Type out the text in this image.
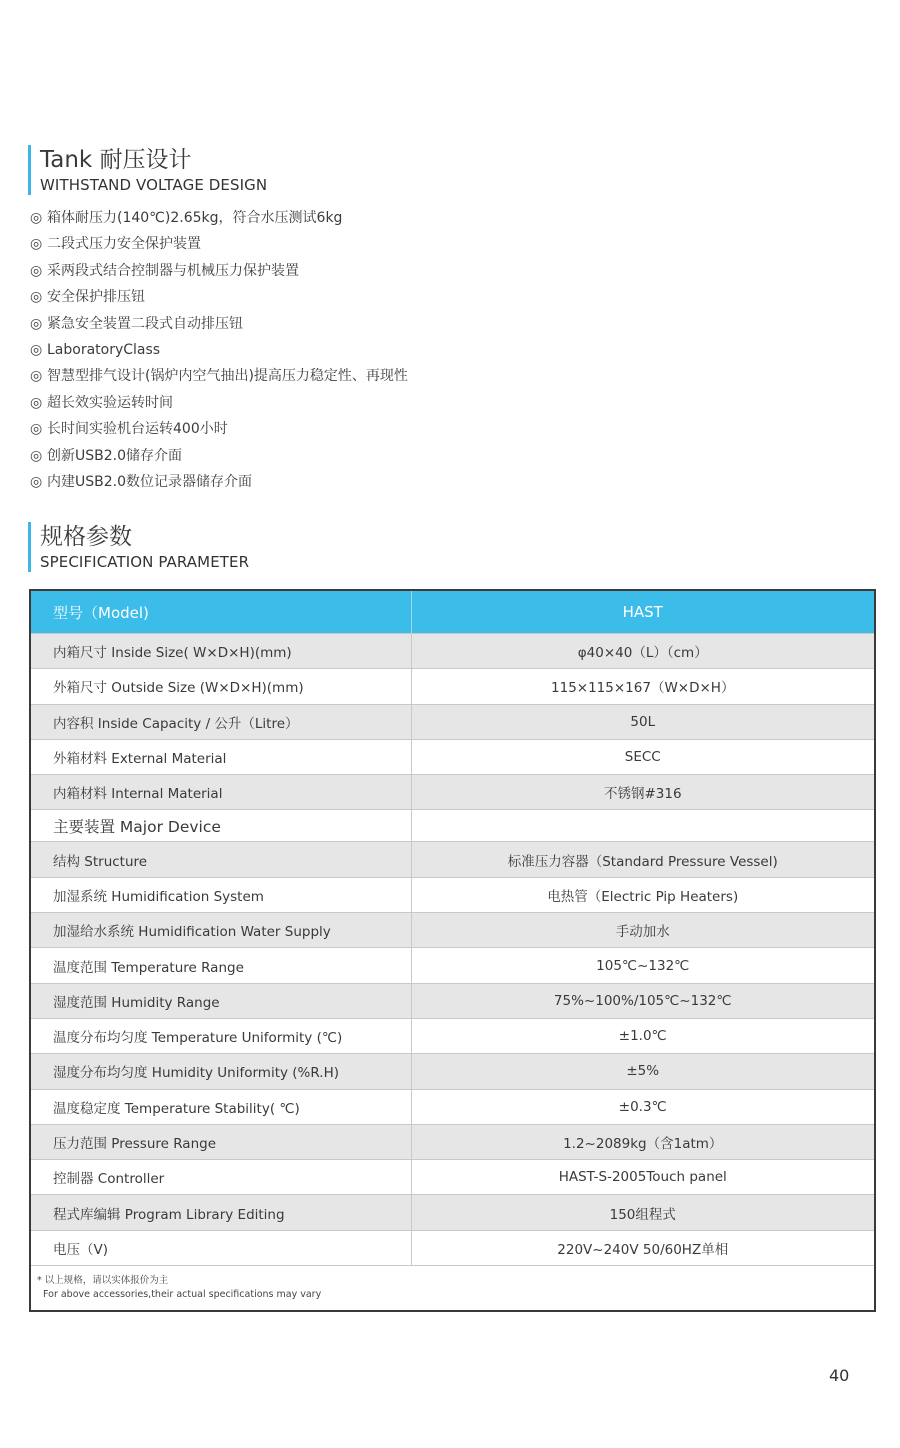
Tank 耐压设计
WITHSTAND VOLTAGE DESIGN
◎ 箱体耐压力(140℃)2.65kg，符合水压测试6kg
◎ 二段式压力安全保护装置
◎ 采两段式结合控制器与机械压力保护装置
◎ 安全保护排压钮
◎ 紧急安全装置二段式自动排压钮
◎ LaboratoryClass
◎ 智慧型排气设计(锅炉内空气抽出)提高压力稳定性、再现性
◎ 超长效实验运转时间
◎ 长时间实验机台运转400小时
◎ 创新USB2.0储存介面
◎ 内建USB2.0数位记录器储存介面
规格参数
SPECIFICATION PARAMETER
型号（Model)	HAST
内箱尺寸 Inside Size( W×D×H)(mm)	φ40×40（L）（cm）
外箱尺寸 Outside Size (W×D×H)(mm)	115×115×167（W×D×H）
内容积 Inside Capacity / 公升（Litre）	50L
外箱材料 External Material	SECC
内箱材料 Internal Material	不锈钢#316
主要装置 Major Device	
结构 Structure	标准压力容器（Standard Pressure Vessel)
加湿系统 Humidification System	电热管（Electric Pip Heaters)
加湿给水系统 Humidification Water Supply	手动加水
温度范围 Temperature Range	105℃~132℃
湿度范围 Humidity Range	75%~100%/105℃~132℃
温度分布均匀度 Temperature Uniformity (℃)	±1.0℃
湿度分布均匀度 Humidity Uniformity (%R.H)	±5%
温度稳定度 Temperature Stability( ℃)	±0.3℃
压力范围 Pressure Range	1.2~2089kg（含1atm）
控制器 Controller	HAST-S-2005Touch panel
程式库编辑 Program Library Editing	150组程式
电压（V)	220V~240V 50/60HZ单相
* 以上规格，请以实体报价为主
For above accessories,their actual specifications may vary
40
